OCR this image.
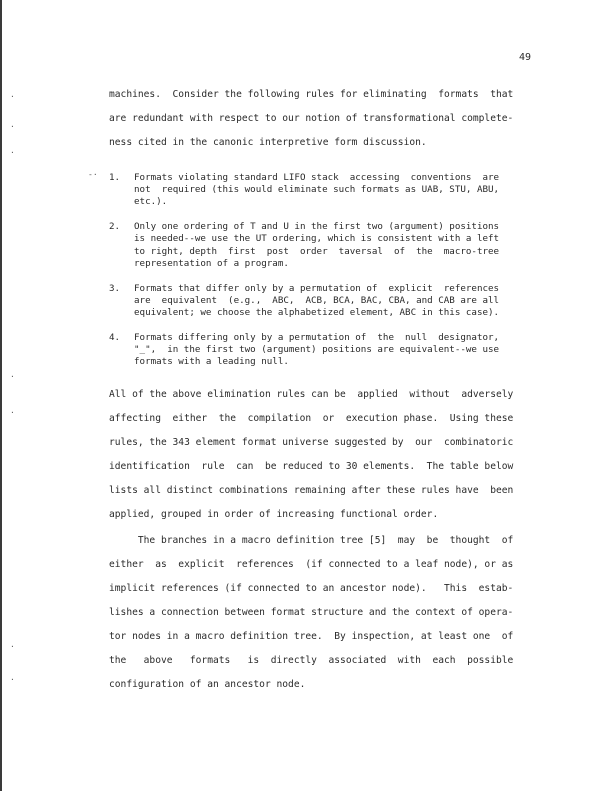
49
·
·
·
-·
·
·
·
·
machines.  Consider the following rules for eliminating  formats  that
are redundant with respect to our notion of transformational complete-
ness cited in the canonic interpretive form discussion.
1. Formats violating standard LIFO stack  accessing  conventions  are
not  required (this would eliminate such formats as UAB, STU, ABU,
etc.).
2. Only one ordering of T and U in the first two (argument) positions
is needed--we use the UT ordering, which is consistent with a left
to right, depth  first  post  order  taversal  of  the  macro-tree
representation of a program.
3. Formats that differ only by a permutation of  explicit  references
are  equivalent  (e.g.,  ABC,  ACB, BCA, BAC, CBA, and CAB are all
equivalent; we choose the alphabetized element, ABC in this case).
4. Formats differing only by a permutation of  the  null  designator,
"_",  in the first two (argument) positions are equivalent--we use
formats with a leading null.
All of the above elimination rules can be  applied  without  adversely
affecting  either  the  compilation  or  execution phase.  Using these
rules, the 343 element format universe suggested by  our  combinatoric
identification  rule  can  be reduced to 30 elements.  The table below
lists all distinct combinations remaining after these rules have  been
applied, grouped in order of increasing functional order.
The branches in a macro definition tree [5]  may  be  thought  of
either  as  explicit  references  (if connected to a leaf node), or as
implicit references (if connected to an ancestor node).   This  estab-
lishes a connection between format structure and the context of opera-
tor nodes in a macro definition tree.  By inspection, at least one  of
the   above   formats   is  directly  associated  with  each  possible
configuration of an ancestor node.
